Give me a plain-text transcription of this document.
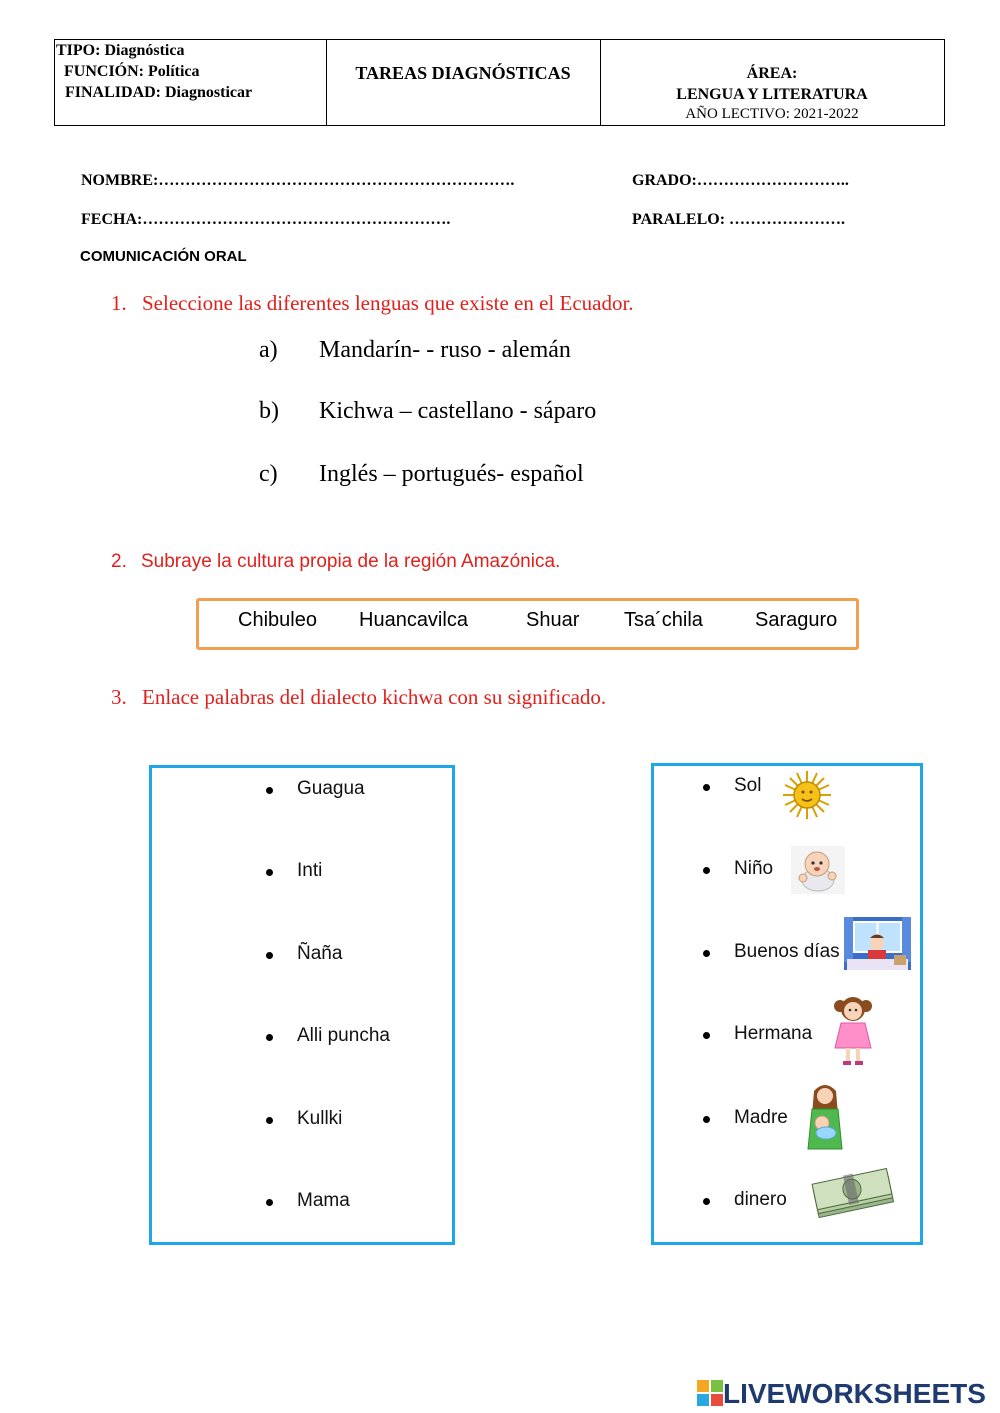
TIPO: Diagnóstica
FUNCIÓN: Política
FINALIDAD: Diagnosticar
TAREAS DIAGNÓSTICAS	ÁREA:
LENGUA Y LITERATURA
AÑO LECTIVO: 2021-2022
NOMBRE:………………………………………………………….	GRADO:………………………..
FECHA:………………………………………………….	PARALELO: ………………….
COMUNICACIÓN ORAL
1. Seleccione las diferentes lenguas que existe en el Ecuador.
a) Mandarín- - ruso - alemán
b) Kichwa – castellano - sáparo
c) Inglés – portugués- español
2. Subraye la cultura propia de la región Amazónica.
Chibuleo Huancavilca	Shuar Tsa´chila	Saraguro
3. Enlace palabras del dialecto kichwa con su significado.
Guagua
Inti
Ñaña
Alli puncha
Kullki
Mama
Sol
Niño
Buenos días
Hermana
Madre
dinero
LIVEWORKSHEETS
